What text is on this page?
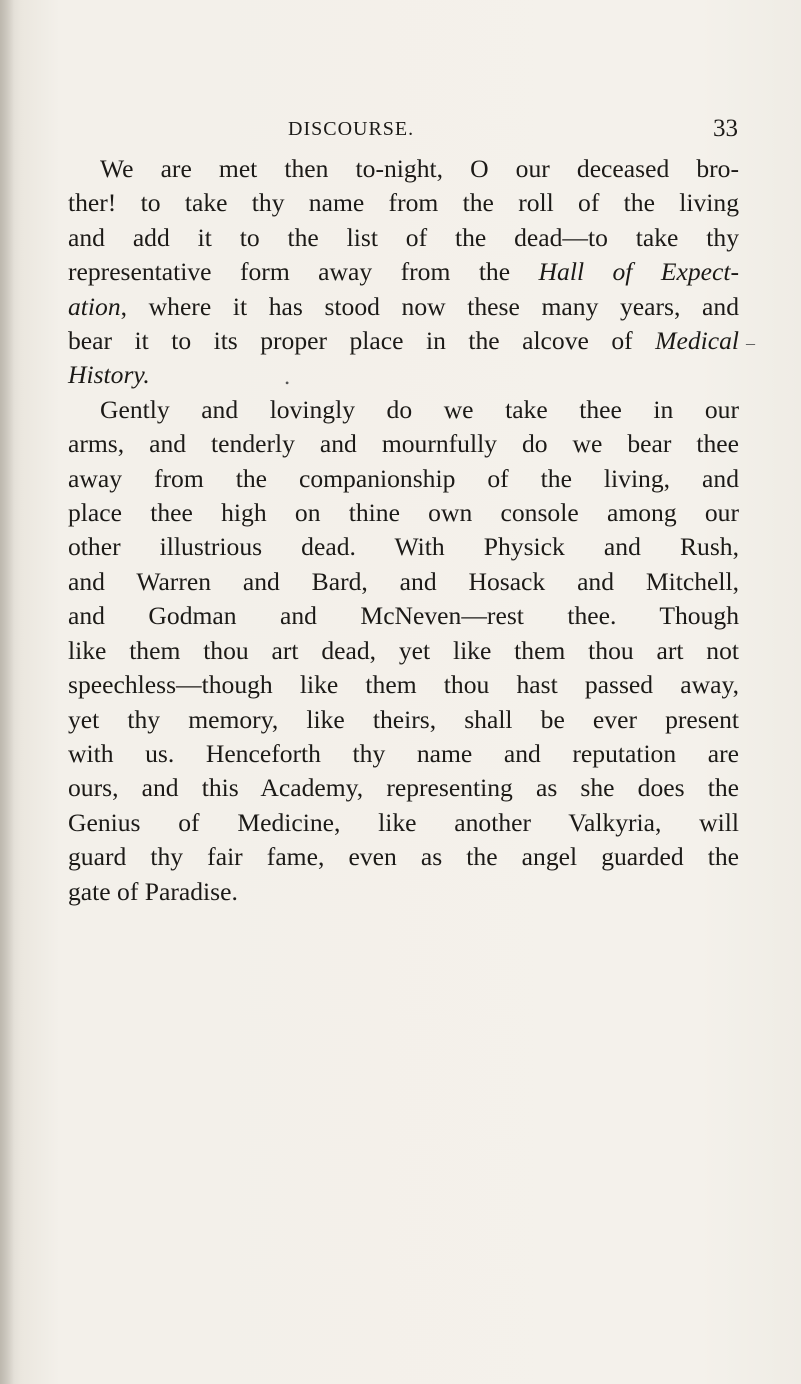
DISCOURSE.	33
We are met then to-night, O our deceased bro-
ther! to take thy name from the roll of the living
and add it to the list of the dead—to take thy
representative form away from the Hall of Expect-
ation, where it has stood now these many years, and
bear it to its proper place in the alcove of Medical
History.
Gently and lovingly do we take thee in our
arms, and tenderly and mournfully do we bear thee
away from the companionship of the living, and
place thee high on thine own console among our
other illustrious dead. With Physick and Rush,
and Warren and Bard, and Hosack and Mitchell,
and Godman and McNeven—rest thee. Though
like them thou art dead, yet like them thou art not
speechless—though like them thou hast passed away,
yet thy memory, like theirs, shall be ever present
with us. Henceforth thy name and reputation are
ours, and this Academy, representing as she does the
Genius of Medicine, like another Valkyria, will
guard thy fair fame, even as the angel guarded the
gate of Paradise.
–
•
